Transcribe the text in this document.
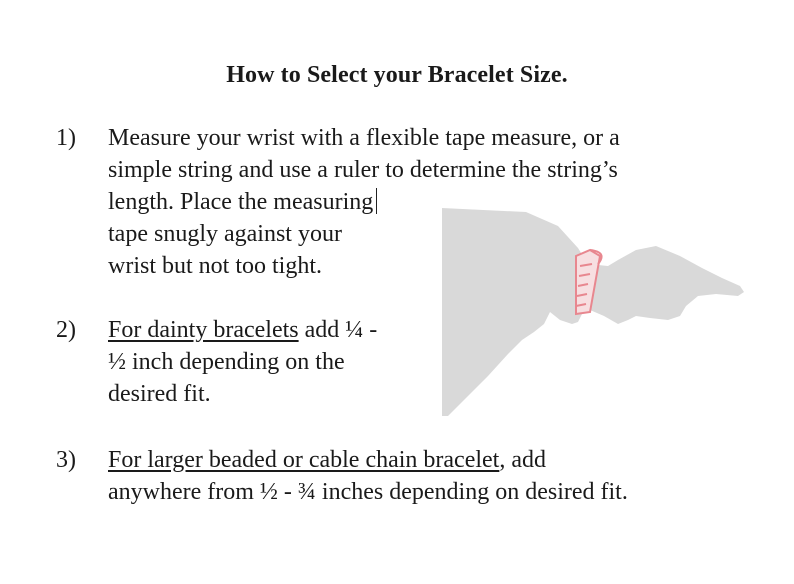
How to Select your Bracelet Size.
1)	Measure your wrist with a flexible tape measure, or a
simple string and use a ruler to determine the string’s
length. Place the measuring
tape snugly against your
wrist but not too tight.
2)	For dainty bracelets add ¼ -
½ inch depending on the
desired fit.
3)	For larger beaded or cable chain bracelet, add
anywhere from ½ - ¾ inches depending on desired fit.
